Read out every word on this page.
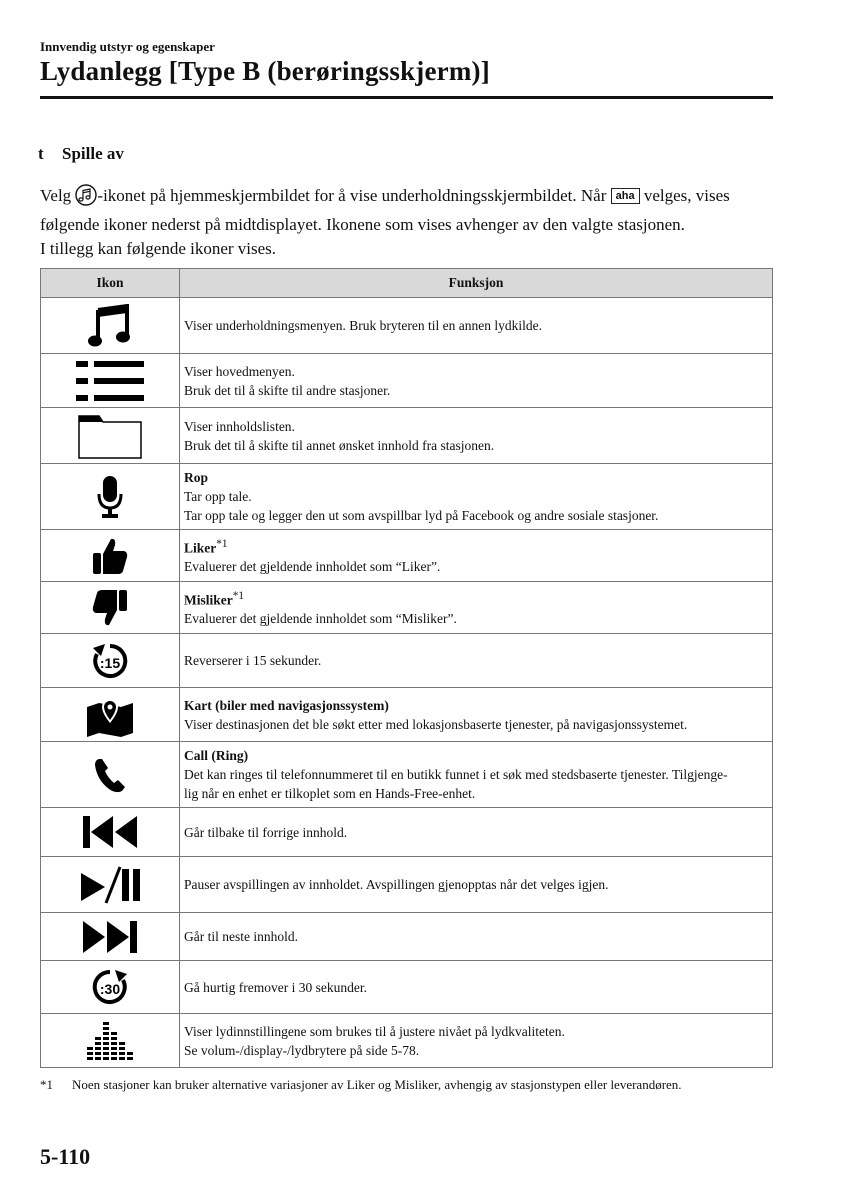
Innvendig utstyr og egenskaper
Lydanlegg [Type B (berøringsskjerm)]
t Spille av
Velg -ikonet på hjemmeskjermbildet for å vise underholdningsskjermbildet. Når aha velges, vises følgende ikoner nederst på midtdisplayet. Ikonene som vises avhenger av den valgte stasjonen.
I tillegg kan følgende ikoner vises.
Ikon	Funksjon

Viser underholdningsmenyen. Bruk bryteren til en annen lydkilde.

Viser hovedmenyen.
Bruk det til å skifte til andre stasjoner.

Viser innholdslisten.
Bruk det til å skifte til annet ønsket innhold fra stasjonen.

Rop
Tar opp tale.
Tar opp tale og legger den ut som avspillbar lyd på Facebook og andre sosiale stasjoner.

Liker$^{*1}$
Evaluerer det gjeldende innholdet som “Liker”.

Misliker$^{*1}$
Evaluerer det gjeldende innholdet som “Misliker”.

:15	Reverserer i 15 sekunder.

Kart (biler med navigasjonssystem)
Viser destinasjonen det ble søkt etter med lokasjonsbaserte tjenester, på navigasjonssystemet.

Call (Ring)
Det kan ringes til telefonnummeret til en butikk funnet i et søk med stedsbaserte tjenester. Tilgjenge-
lig når en enhet er tilkoplet som en Hands-Free-enhet.

Går tilbake til forrige innhold.

Pauser avspillingen av innholdet. Avspillingen gjenopptas når det velges igjen.

Går til neste innhold.

:30	Gå hurtig fremover i 30 sekunder.

Viser lydinnstillingene som brukes til å justere nivået på lydkvaliteten.
Se volum-/display-/lydbrytere på side 5-78.
*1 Noen stasjoner kan bruker alternative variasjoner av Liker og Misliker, avhengig av stasjonstypen eller leverandøren.
5-110
